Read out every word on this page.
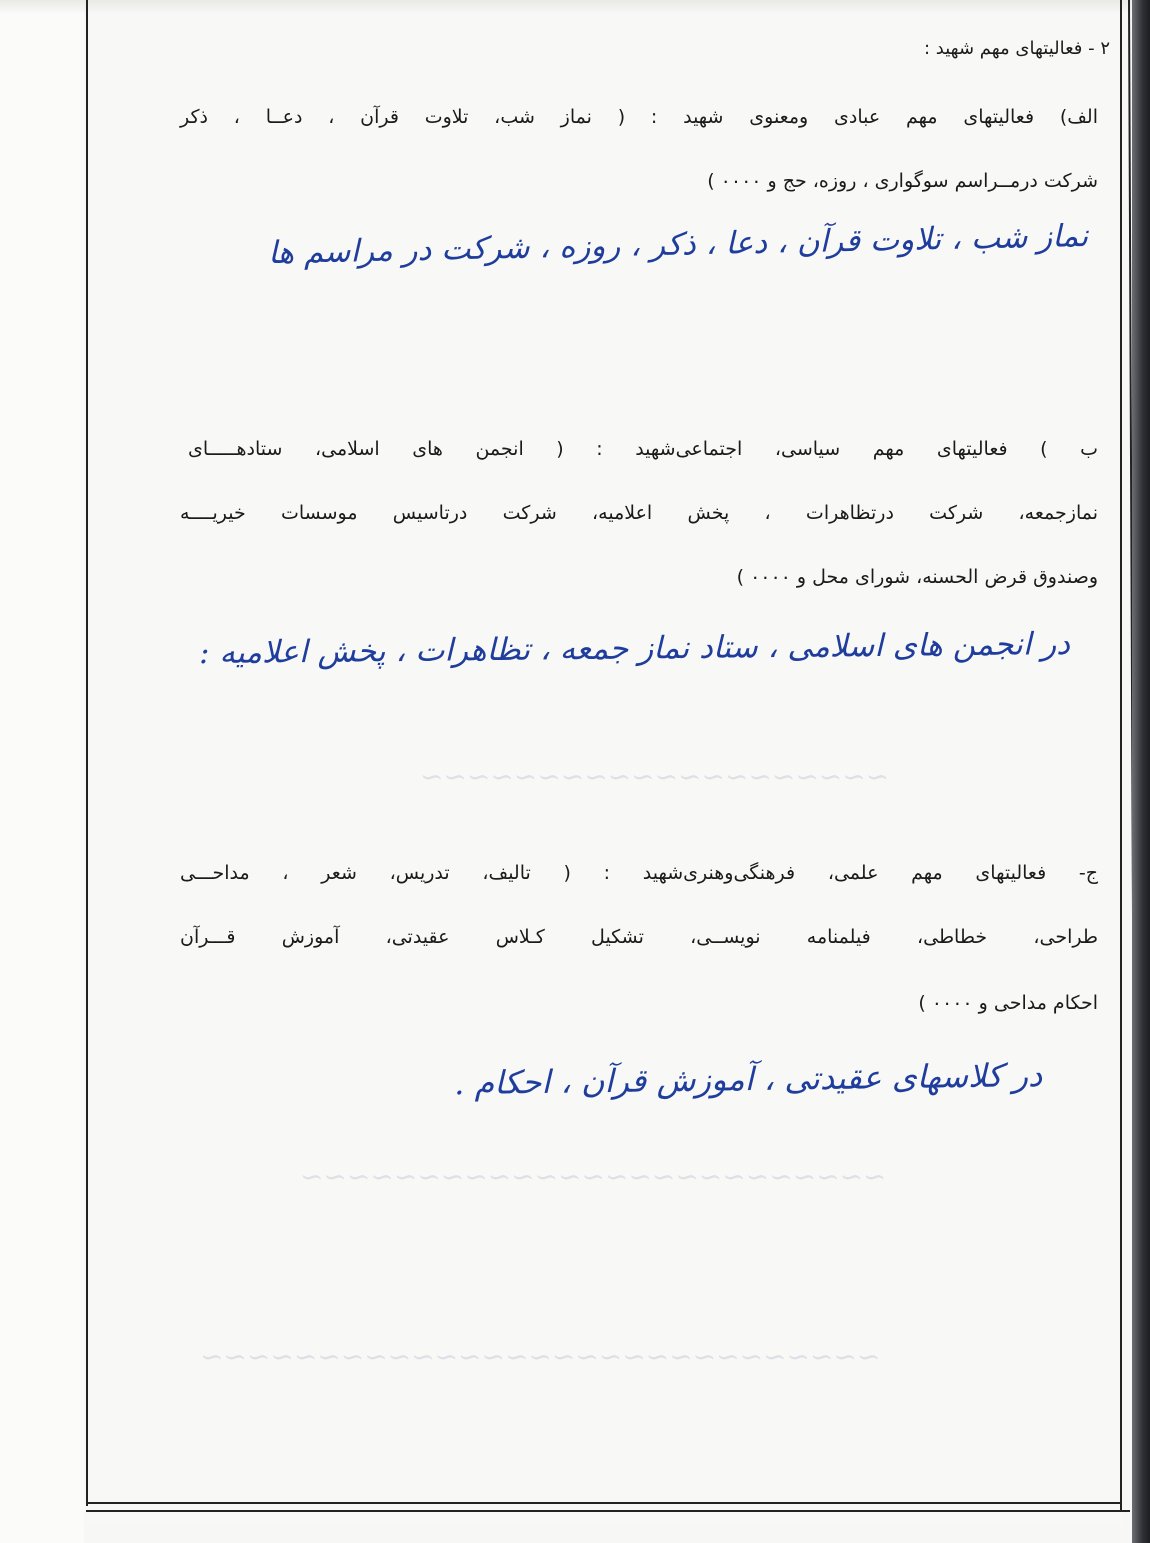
~~~~~~~~~~~~~~~~~~~~
~~~~~~~~~~~~~~~~~~~~~~~~~
~~~~~~~~~~~~~~~~~~~~~~~~~~~~~
۲ - فعالیتهای مهم شهید :
الف) فعالیتهای مهم عبادی ومعنوی شهید : ( نماز شب، تلاوت قرآن ، دعــا ، ذکر
شرکت درمــراسم سوگواری ، روزه، حج و ۰۰۰۰ )
نماز شب ، تلاوت قرآن ، دعا ، ذکر ، روزه ، شرکت در مراسم ها
ب ) فعالیتهای مهم سیاسی، اجتماعی‌شهید : ( انجمن های اسلامی، ستادهـــــای
نمازجمعه، شرکت درتظاهرات ، پخش اعلامیه، شرکت درتاسیس موسسات خیریــــه
وصندوق قرض الحسنه، شورای محل و ۰۰۰۰ )
در انجمن های اسلامی ، ستاد نماز جمعه ، تظاهرات ، پخش اعلامیه :
ج- فعالیتهای مهم علمی، فرهنگی‌وهنری‌شهید : ( تالیف، تدریس، شعر ، مداحـــی
طراحی، خطاطی، فیلمنامه نویســی، تشکیل کـلاس عقیدتی، آموزش قـــرآن
احکام مداحی و ۰۰۰۰ )
در کلاسهای عقیدتی ، آموزش قرآن ، احکام .
